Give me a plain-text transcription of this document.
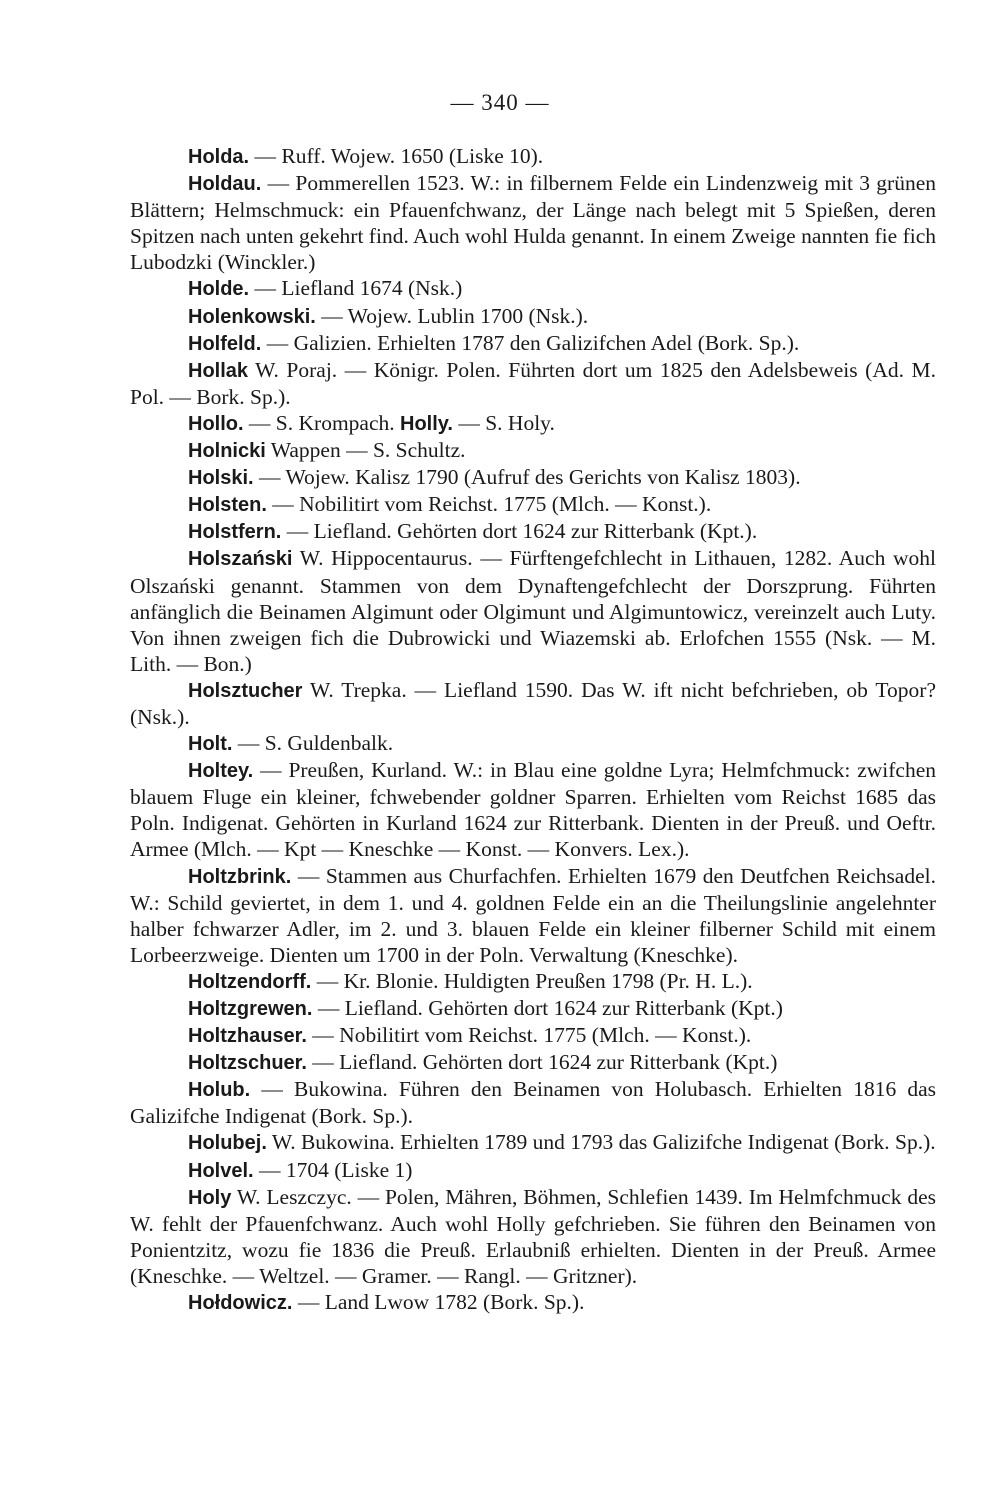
— 340 —

Holda. — Ruff. Wojew. 1650 (Liske 10).

Holdau. — Pommerellen 1523. W.: in filbernem Felde ein Lindenzweig mit 3 grünen Blättern; Helmschmuck: ein Pfauenfchwanz, der Länge nach belegt mit 5 Spießen, deren Spitzen nach unten gekehrt find. Auch wohl Hulda genannt. In einem Zweige nannten fie fich Lubodzki (Winckler.)

Holde. — Liefland 1674 (Nsk.)

Holenkowski. — Wojew. Lublin 1700 (Nsk.).

Holfeld. — Galizien. Erhielten 1787 den Galizifchen Adel (Bork. Sp.).

Hollak W. Poraj. — Königr. Polen. Führten dort um 1825 den Adelsbeweis (Ad. M. Pol. — Bork. Sp.).

Hollo. — S. Krompach. Holly. — S. Holy.

Holnicki Wappen — S. Schultz.

Holski. — Wojew. Kalisz 1790 (Aufruf des Gerichts von Kalisz 1803).

Holsten. — Nobilitirt vom Reichst. 1775 (Mlch. — Konst.).

Holstfern. — Liefland. Gehörten dort 1624 zur Ritterbank (Kpt.).

Holszański W. Hippocentaurus. — Fürftengefchlecht in Lithauen, 1282. Auch wohl Olszański genannt. Stammen von dem Dynaftengefchlecht der Dorszprung. Führten anfänglich die Beinamen Algimunt oder Olgimunt und Algimuntowicz, vereinzelt auch Luty. Von ihnen zweigen fich die Dubrowicki und Wiazemski ab. Erlofchen 1555 (Nsk. — M. Lith. — Bon.)

Holsztucher W. Trepka. — Liefland 1590. Das W. ift nicht befchrieben, ob Topor? (Nsk.).

Holt. — S. Guldenbalk.

Holtey. — Preußen, Kurland. W.: in Blau eine goldne Lyra; Helmfchmuck: zwifchen blauem Fluge ein kleiner, fchwebender goldner Sparren. Erhielten vom Reichst 1685 das Poln. Indigenat. Gehörten in Kurland 1624 zur Ritterbank. Dienten in der Preuß. und Oeftr. Armee (Mlch. — Kpt — Kneschke — Konst. — Konvers. Lex.).

Holtzbrink. — Stammen aus Churfachfen. Erhielten 1679 den Deutfchen Reichsadel. W.: Schild geviertet, in dem 1. und 4. goldnen Felde ein an die Theilungslinie angelehnter halber fchwarzer Adler, im 2. und 3. blauen Felde ein kleiner filberner Schild mit einem Lorbeerzweige. Dienten um 1700 in der Poln. Verwaltung (Kneschke).

Holtzendorff. — Kr. Blonie. Huldigten Preußen 1798 (Pr. H. L.).

Holtzgrewen. — Liefland. Gehörten dort 1624 zur Ritterbank (Kpt.)

Holtzhauser. — Nobilitirt vom Reichst. 1775 (Mlch. — Konst.).

Holtzschuer. — Liefland. Gehörten dort 1624 zur Ritterbank (Kpt.)

Holub. — Bukowina. Führen den Beinamen von Holubasch. Erhielten 1816 das Galizifche Indigenat (Bork. Sp.).

Holubej. W. Bukowina. Erhielten 1789 und 1793 das Galizifche Indigenat (Bork. Sp.).

Holvel. — 1704 (Liske 1)

Holy W. Leszczyc. — Polen, Mähren, Böhmen, Schlefien 1439. Im Helmfchmuck des W. fehlt der Pfauenfchwanz. Auch wohl Holly gefchrieben. Sie führen den Beinamen von Ponientzitz, wozu fie 1836 die Preuß. Erlaubniß erhielten. Dienten in der Preuß. Armee (Kneschke. — Weltzel. — Gramer. — Rangl. — Gritzner).

Hołdowicz. — Land Lwow 1782 (Bork. Sp.).
